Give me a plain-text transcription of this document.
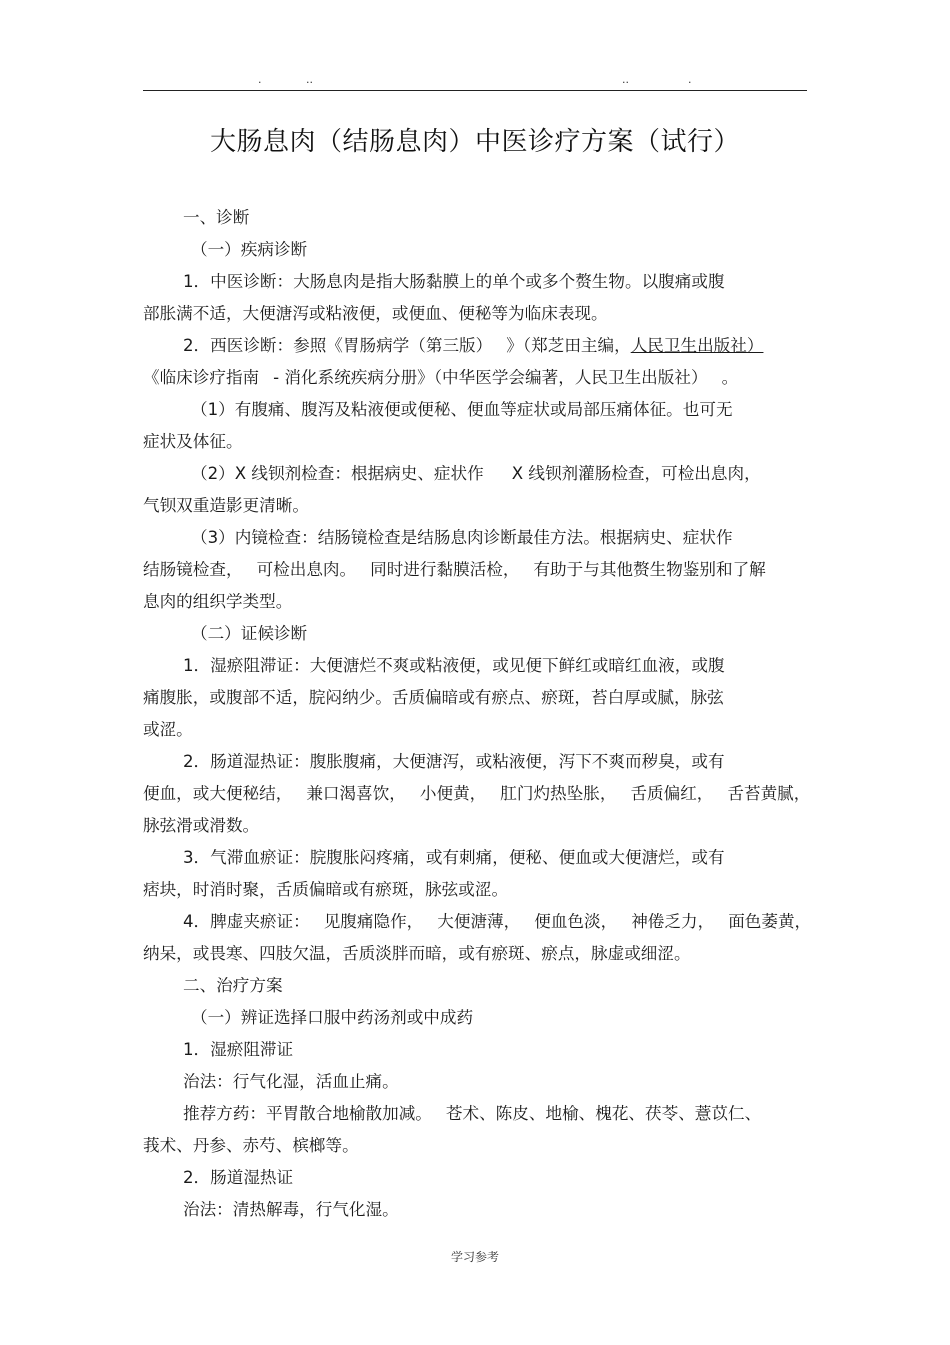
.	..	..	.
大肠息肉（结肠息肉）中医诊疗方案（试行）

一、诊断

（一）疾病诊断

1．中医诊断：大肠息肉是指大肠黏膜上的单个或多个赘生物。以腹痛或腹

部胀满不适，大便溏泻或粘液便，或便血、便秘等为临床表现。

2．西医诊断：参照《胃肠病学（第三版） 》（郑芝田主编，人民卫生出版社）

《临床诊疗指南 - 消化系统疾病分册》（中华医学会编著，人民卫生出版社） 。

（1）有腹痛、腹泻及粘液便或便秘、便血等症状或局部压痛体征。也可无

症状及体征。

（2）X 线钡剂检查：根据病史、症状作 X 线钡剂灌肠检查，可检出息肉，

气钡双重造影更清晰。

（3）内镜检查：结肠镜检查是结肠息肉诊断最佳方法。根据病史、症状作

结肠镜检查， 可检出息肉。 同时进行黏膜活检， 有助于与其他赘生物鉴别和了解

息肉的组织学类型。

（二）证候诊断

1．湿瘀阻滞证：大便溏烂不爽或粘液便，或见便下鲜红或暗红血液，或腹

痛腹胀，或腹部不适，脘闷纳少。舌质偏暗或有瘀点、瘀斑，苔白厚或腻，脉弦

或涩。

2．肠道湿热证：腹胀腹痛，大便溏泻，或粘液便，泻下不爽而秽臭，或有

便血，或大便秘结， 兼口渴喜饮， 小便黄， 肛门灼热坠胀， 舌质偏红， 舌苔黄腻，

脉弦滑或滑数。

3．气滞血瘀证：脘腹胀闷疼痛，或有刺痛，便秘、便血或大便溏烂，或有

痞块，时消时聚，舌质偏暗或有瘀斑，脉弦或涩。

4．脾虚夹瘀证： 见腹痛隐作， 大便溏薄， 便血色淡， 神倦乏力， 面色萎黄，

纳呆，或畏寒、四肢欠温，舌质淡胖而暗，或有瘀斑、瘀点，脉虚或细涩。

二、治疗方案

（一）辨证选择口服中药汤剂或中成药

1．湿瘀阻滞证

治法：行气化湿，活血止痛。

推荐方药：平胃散合地榆散加减。 苍术、陈皮、地榆、槐花、茯苓、薏苡仁、

莪术、丹参、赤芍、槟榔等。

2．肠道湿热证

治法：清热解毒，行气化湿。

学习参考
